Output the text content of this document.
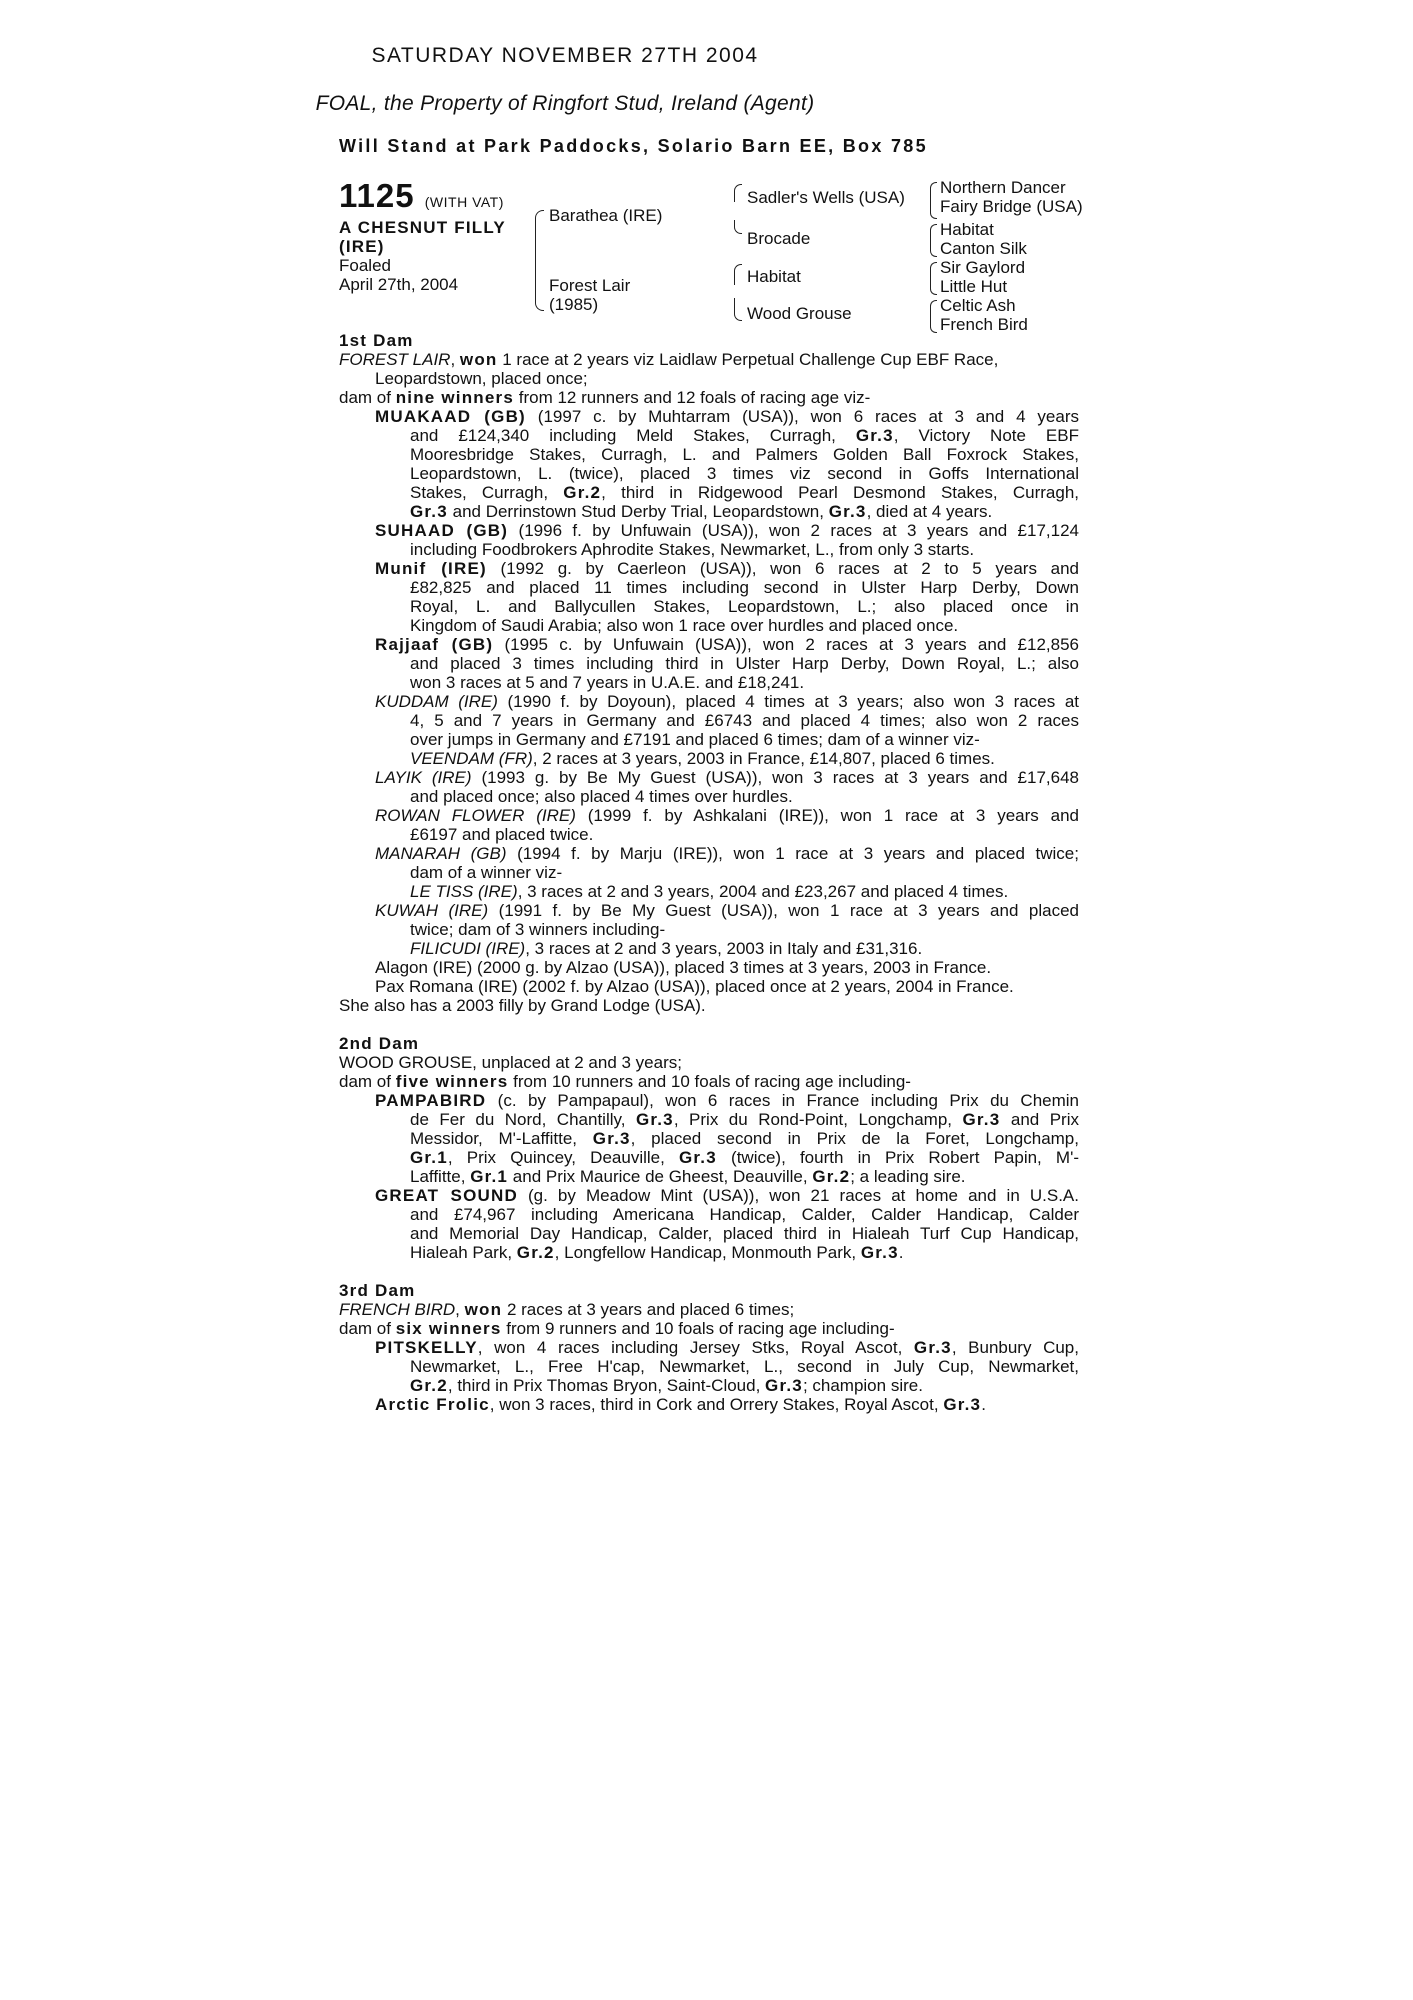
SATURDAY NOVEMBER 27TH 2004
FOAL, the Property of Ringfort Stud, Ireland (Agent)
Will Stand at Park Paddocks, Solario Barn EE, Box 785
1125 (WITH VAT)
A CHESNUT FILLY
(IRE)
Foaled
April 27th, 2004
Barathea (IRE)
Forest Lair
(1985)
Sadler's Wells (USA)
Brocade
Habitat
Wood Grouse
Northern Dancer
Fairy Bridge (USA)
Habitat
Canton Silk
Sir Gaylord
Little Hut
Celtic Ash
French Bird
1st Dam
FOREST LAIR, won 1 race at 2 years viz Laidlaw Perpetual Challenge Cup EBF Race,
Leopardstown, placed once;
dam of nine winners from 12 runners and 12 foals of racing age viz-
MUAKAAD (GB) (1997 c. by Muhtarram (USA)), won 6 races at 3 and 4 years
and £124,340 including Meld Stakes, Curragh, Gr.3, Victory Note EBF
Mooresbridge Stakes, Curragh, L. and Palmers Golden Ball Foxrock Stakes,
Leopardstown, L. (twice), placed 3 times viz second in Goffs International
Stakes, Curragh, Gr.2, third in Ridgewood Pearl Desmond Stakes, Curragh,
Gr.3 and Derrinstown Stud Derby Trial, Leopardstown, Gr.3, died at 4 years.
SUHAAD (GB) (1996 f. by Unfuwain (USA)), won 2 races at 3 years and £17,124
including Foodbrokers Aphrodite Stakes, Newmarket, L., from only 3 starts.
Munif (IRE) (1992 g. by Caerleon (USA)), won 6 races at 2 to 5 years and
£82,825 and placed 11 times including second in Ulster Harp Derby, Down
Royal, L. and Ballycullen Stakes, Leopardstown, L.; also placed once in
Kingdom of Saudi Arabia; also won 1 race over hurdles and placed once.
Rajjaaf (GB) (1995 c. by Unfuwain (USA)), won 2 races at 3 years and £12,856
and placed 3 times including third in Ulster Harp Derby, Down Royal, L.; also
won 3 races at 5 and 7 years in U.A.E. and £18,241.
KUDDAM (IRE) (1990 f. by Doyoun), placed 4 times at 3 years; also won 3 races at
4, 5 and 7 years in Germany and £6743 and placed 4 times; also won 2 races
over jumps in Germany and £7191 and placed 6 times; dam of a winner viz-
VEENDAM (FR), 2 races at 3 years, 2003 in France, £14,807, placed 6 times.
LAYIK (IRE) (1993 g. by Be My Guest (USA)), won 3 races at 3 years and £17,648
and placed once; also placed 4 times over hurdles.
ROWAN FLOWER (IRE) (1999 f. by Ashkalani (IRE)), won 1 race at 3 years and
£6197 and placed twice.
MANARAH (GB) (1994 f. by Marju (IRE)), won 1 race at 3 years and placed twice;
dam of a winner viz-
LE TISS (IRE), 3 races at 2 and 3 years, 2004 and £23,267 and placed 4 times.
KUWAH (IRE) (1991 f. by Be My Guest (USA)), won 1 race at 3 years and placed
twice; dam of 3 winners including-
FILICUDI (IRE), 3 races at 2 and 3 years, 2003 in Italy and £31,316.
Alagon (IRE) (2000 g. by Alzao (USA)), placed 3 times at 3 years, 2003 in France.
Pax Romana (IRE) (2002 f. by Alzao (USA)), placed once at 2 years, 2004 in France.
She also has a 2003 filly by Grand Lodge (USA).
2nd Dam
WOOD GROUSE, unplaced at 2 and 3 years;
dam of five winners from 10 runners and 10 foals of racing age including-
PAMPABIRD (c. by Pampapaul), won 6 races in France including Prix du Chemin
de Fer du Nord, Chantilly, Gr.3, Prix du Rond-Point, Longchamp, Gr.3 and Prix
Messidor, M'-Laffitte, Gr.3, placed second in Prix de la Foret, Longchamp,
Gr.1, Prix Quincey, Deauville, Gr.3 (twice), fourth in Prix Robert Papin, M'-
Laffitte, Gr.1 and Prix Maurice de Gheest, Deauville, Gr.2; a leading sire.
GREAT SOUND (g. by Meadow Mint (USA)), won 21 races at home and in U.S.A.
and £74,967 including Americana Handicap, Calder, Calder Handicap, Calder
and Memorial Day Handicap, Calder, placed third in Hialeah Turf Cup Handicap,
Hialeah Park, Gr.2, Longfellow Handicap, Monmouth Park, Gr.3.
3rd Dam
FRENCH BIRD, won 2 races at 3 years and placed 6 times;
dam of six winners from 9 runners and 10 foals of racing age including-
PITSKELLY, won 4 races including Jersey Stks, Royal Ascot, Gr.3, Bunbury Cup,
Newmarket, L., Free H'cap, Newmarket, L., second in July Cup, Newmarket,
Gr.2, third in Prix Thomas Bryon, Saint-Cloud, Gr.3; champion sire.
Arctic Frolic, won 3 races, third in Cork and Orrery Stakes, Royal Ascot, Gr.3.
